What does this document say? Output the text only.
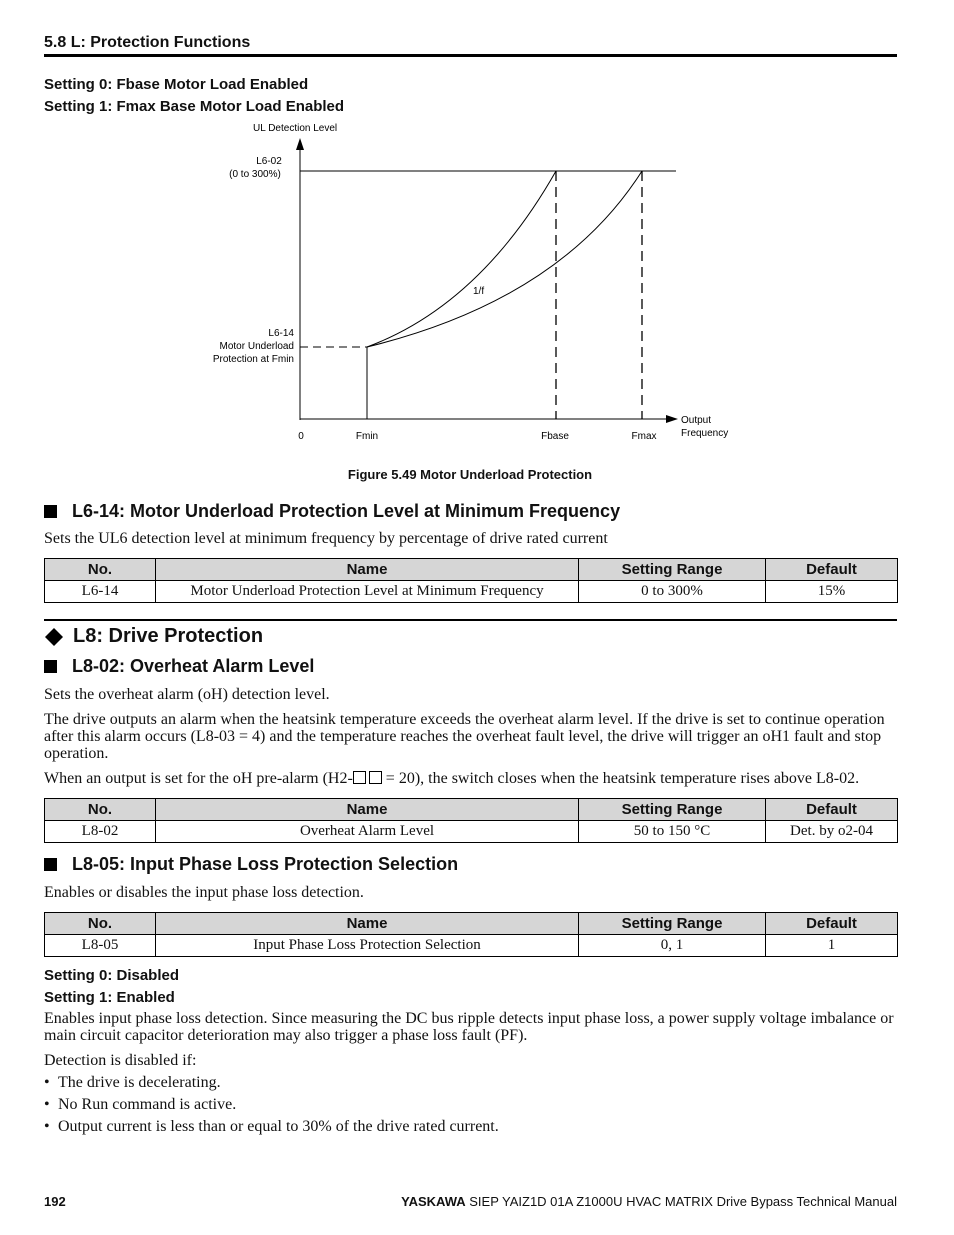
5.8 L: Protection Functions
Setting 0: Fbase Motor Load Enabled
Setting 1: Fmax Base Motor Load Enabled
UL Detection Level
L6-02
(0 to 300%)
L6-14
Motor Underload
Protection at Fmin
1/f
0	Fmin	Fbase	Fmax
Output
Frequency
Figure 5.49 Motor Underload Protection
L6-14: Motor Underload Protection Level at Minimum Frequency
Sets the UL6 detection level at minimum frequency by percentage of drive rated current
No.	Name	Setting Range	Default
L6-14	Motor Underload Protection Level at Minimum Frequency	0 to 300%	15%
L8: Drive Protection
L8-02: Overheat Alarm Level
Sets the overheat alarm (oH) detection level.
The drive outputs an alarm when the heatsink temperature exceeds the overheat alarm level. If the drive is set to continue operation after this alarm occurs (L8-03 = 4) and the temperature reaches the overheat fault level, the drive will trigger an oH1 fault and stop operation.
When an output is set for the oH pre-alarm (H2- = 20), the switch closes when the heatsink temperature rises above L8-02.
No.	Name	Setting Range	Default
L8-02	Overheat Alarm Level	50 to 150 °C	Det. by o2-04
L8-05: Input Phase Loss Protection Selection
Enables or disables the input phase loss detection.
No.	Name	Setting Range	Default
L8-05	Input Phase Loss Protection Selection	0, 1	1
Setting 0: Disabled
Setting 1: Enabled
Enables input phase loss detection. Since measuring the DC bus ripple detects input phase loss, a power supply voltage imbalance or main circuit capacitor deterioration may also trigger a phase loss fault (PF).
Detection is disabled if:
• The drive is decelerating.
• No Run command is active.
• Output current is less than or equal to 30% of the drive rated current.
192	YASKAWA SIEP YAIZ1D 01A Z1000U HVAC MATRIX Drive Bypass Technical Manual
